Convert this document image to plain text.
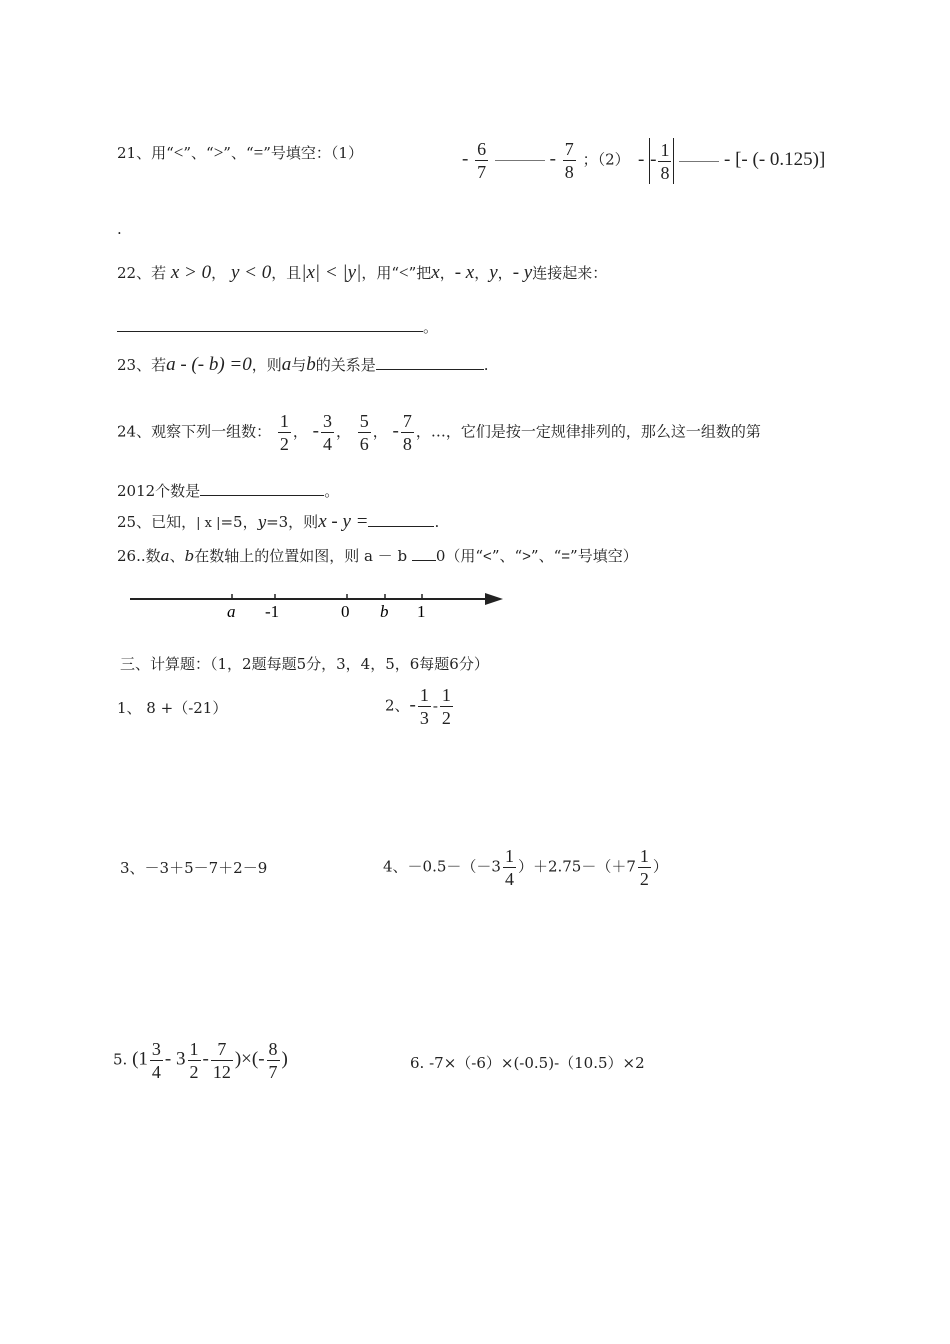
21、用“<”、“>”、“=”号填空：（1）	- $\frac{6}{7}$	- $\frac{7}{8}$ ；（2） - - $\frac{1}{8}$	- [- (- 0.125)]
.
22、若 x > 0， y < 0，且|x| < |y|，用“<”把x，- x，y，- y连接起来：
。
23、若a - (- b) =0，则a与b的关系是	.
24、观察下列一组数： $\frac{1}{2}$ ， - $\frac{3}{4}$ ， $\frac{5}{6}$ ， - $\frac{7}{8}$ ，…，它们是按一定规律排列的，那么这一组数的第
2012个数是	。
25、已知，| x |=5，y=3，则x - y =	.
26..数a、b在数轴上的位置如图，则 a － b 0（用“<”、“>”、“=”号填空）
a -1	0 b 1
三、计算题：（1，2题每题5分，3，4，5，6每题6分）
1、 8 +（-21）	2、- $\frac{1}{3} - \frac{1}{2}$
3、－3＋5－7＋2－9	4、$-0.5-(-3 \frac{1}{4} )+2.75-(+7 \frac{1}{2}$ ）
5. ($1 \frac{3}{4} - 3 \frac{1}{2} - \frac{7}{12}$ )×(- $\frac{8}{7}$ )	6. -7×（-6）×(-0.5)-（10.5）×2
